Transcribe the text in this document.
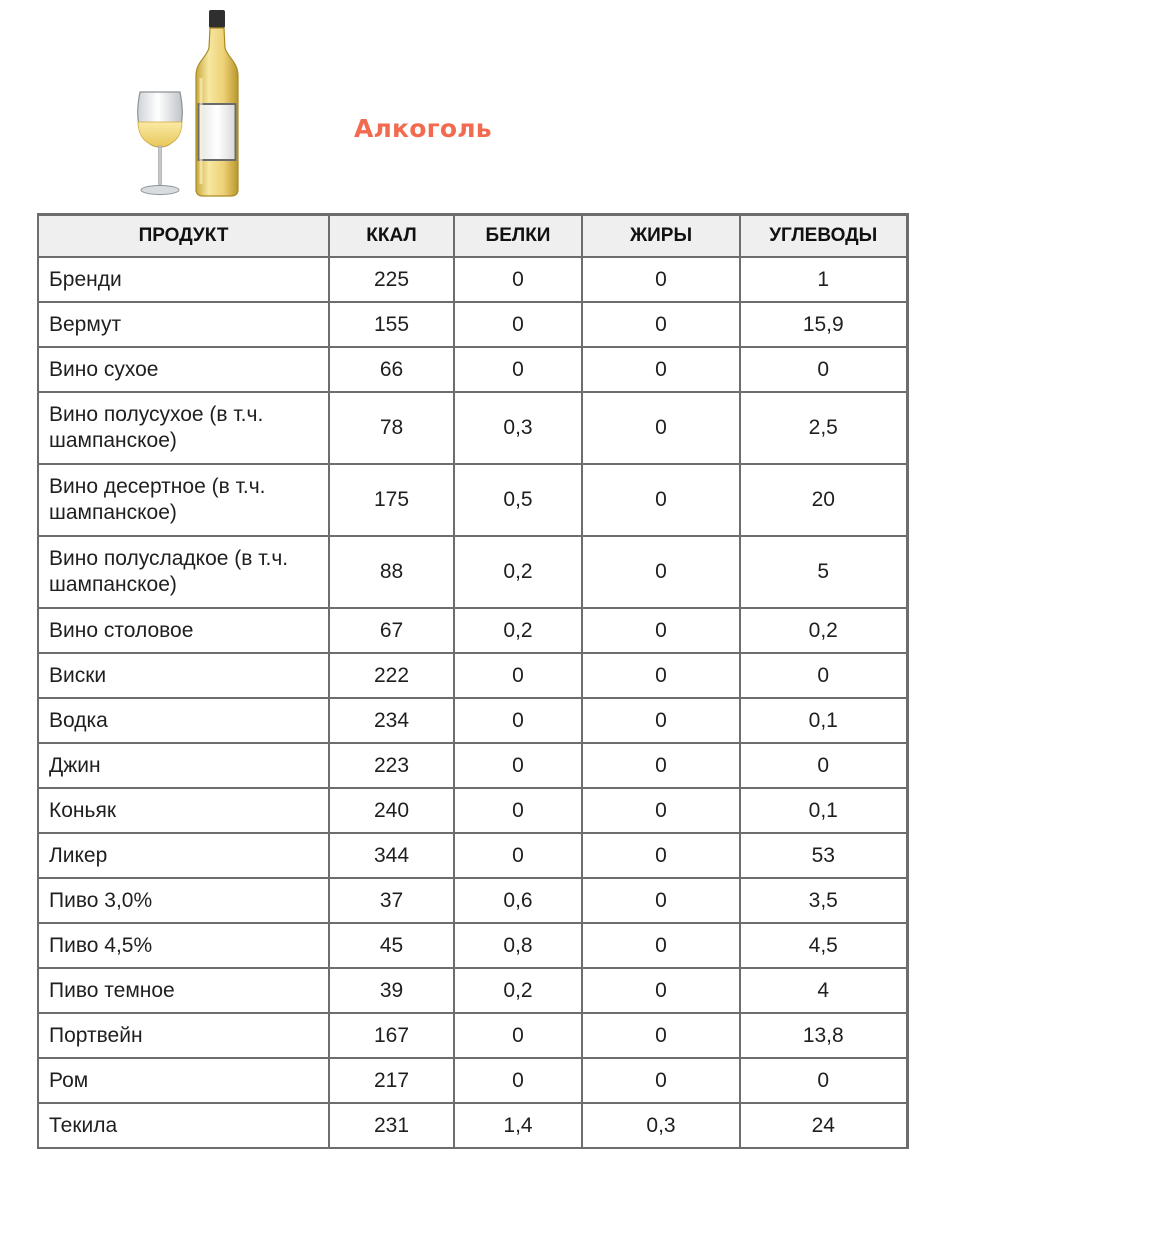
Алкоголь
ПРОДУКТ	ККАЛ	БЕЛКИ	ЖИРЫ	УГЛЕВОДЫ
Бренди	225	0	0	1
Вермут	155	0	0	15,9
Вино сухое	66	0	0	0
Вино полусухое (в т.ч. шампанское)	78	0,3	0	2,5
Вино десертное (в т.ч. шампанское)	175	0,5	0	20
Вино полусладкое (в т.ч. шампанское)	88	0,2	0	5
Вино столовое	67	0,2	0	0,2
Виски	222	0	0	0
Водка	234	0	0	0,1
Джин	223	0	0	0
Коньяк	240	0	0	0,1
Ликер	344	0	0	53
Пиво 3,0%	37	0,6	0	3,5
Пиво 4,5%	45	0,8	0	4,5
Пиво темное	39	0,2	0	4
Портвейн	167	0	0	13,8
Ром	217	0	0	0
Текила	231	1,4	0,3	24
